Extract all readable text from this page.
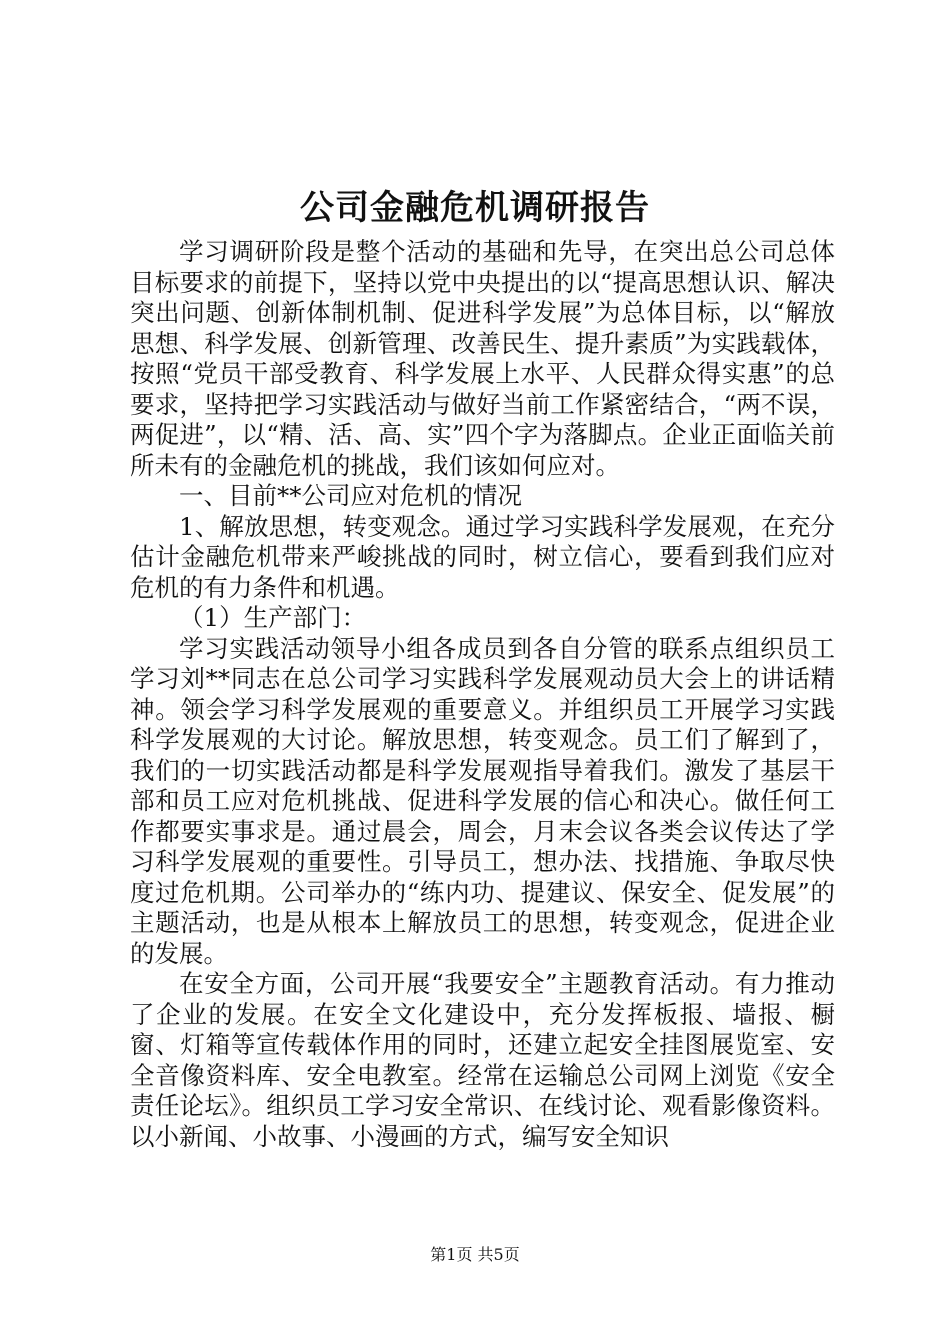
公司金融危机调研报告

学习调研阶段是整个活动的基础和先导，在突出总公司总体目标要求的前提下，坚持以党中央提出的以“提高思想认识、解决突出问题、创新体制机制、促进科学发展”为总体目标，以“解放思想、科学发展、创新管理、改善民生、提升素质”为实践载体，按照“党员干部受教育、科学发展上水平、人民群众得实惠”的总要求，坚持把学习实践活动与做好当前工作紧密结合，“两不误，两促进”，以“精、活、高、实”四个字为落脚点。企业正面临关前所未有的金融危机的挑战，我们该如何应对。

一、目前**公司应对危机的情况

1、解放思想，转变观念。通过学习实践科学发展观，在充分估计金融危机带来严峻挑战的同时，树立信心，要看到我们应对危机的有力条件和机遇。

（1）生产部门：

学习实践活动领导小组各成员到各自分管的联系点组织员工学习刘**同志在总公司学习实践科学发展观动员大会上的讲话精神。领会学习科学发展观的重要意义。并组织员工开展学习实践科学发展观的大讨论。解放思想，转变观念。员工们了解到了，我们的一切实践活动都是科学发展观指导着我们。激发了基层干部和员工应对危机挑战、促进科学发展的信心和决心。做任何工作都要实事求是。通过晨会，周会，月末会议各类会议传达了学习科学发展观的重要性。引导员工，想办法、找措施、争取尽快度过危机期。公司举办的“练内功、提建议、保安全、促发展”的主题活动，也是从根本上解放员工的思想，转变观念，促进企业的发展。

在安全方面，公司开展“我要安全”主题教育活动。有力推动了企业的发展。在安全文化建设中，充分发挥板报、墙报、橱窗、灯箱等宣传载体作用的同时，还建立起安全挂图展览室、安全音像资料库、安全电教室。经常在运输总公司网上浏览《安全责任论坛》。组织员工学习安全常识、在线讨论、观看影像资料。以小新闻、小故事、小漫画的方式，编写安全知识

第1页 共5页
